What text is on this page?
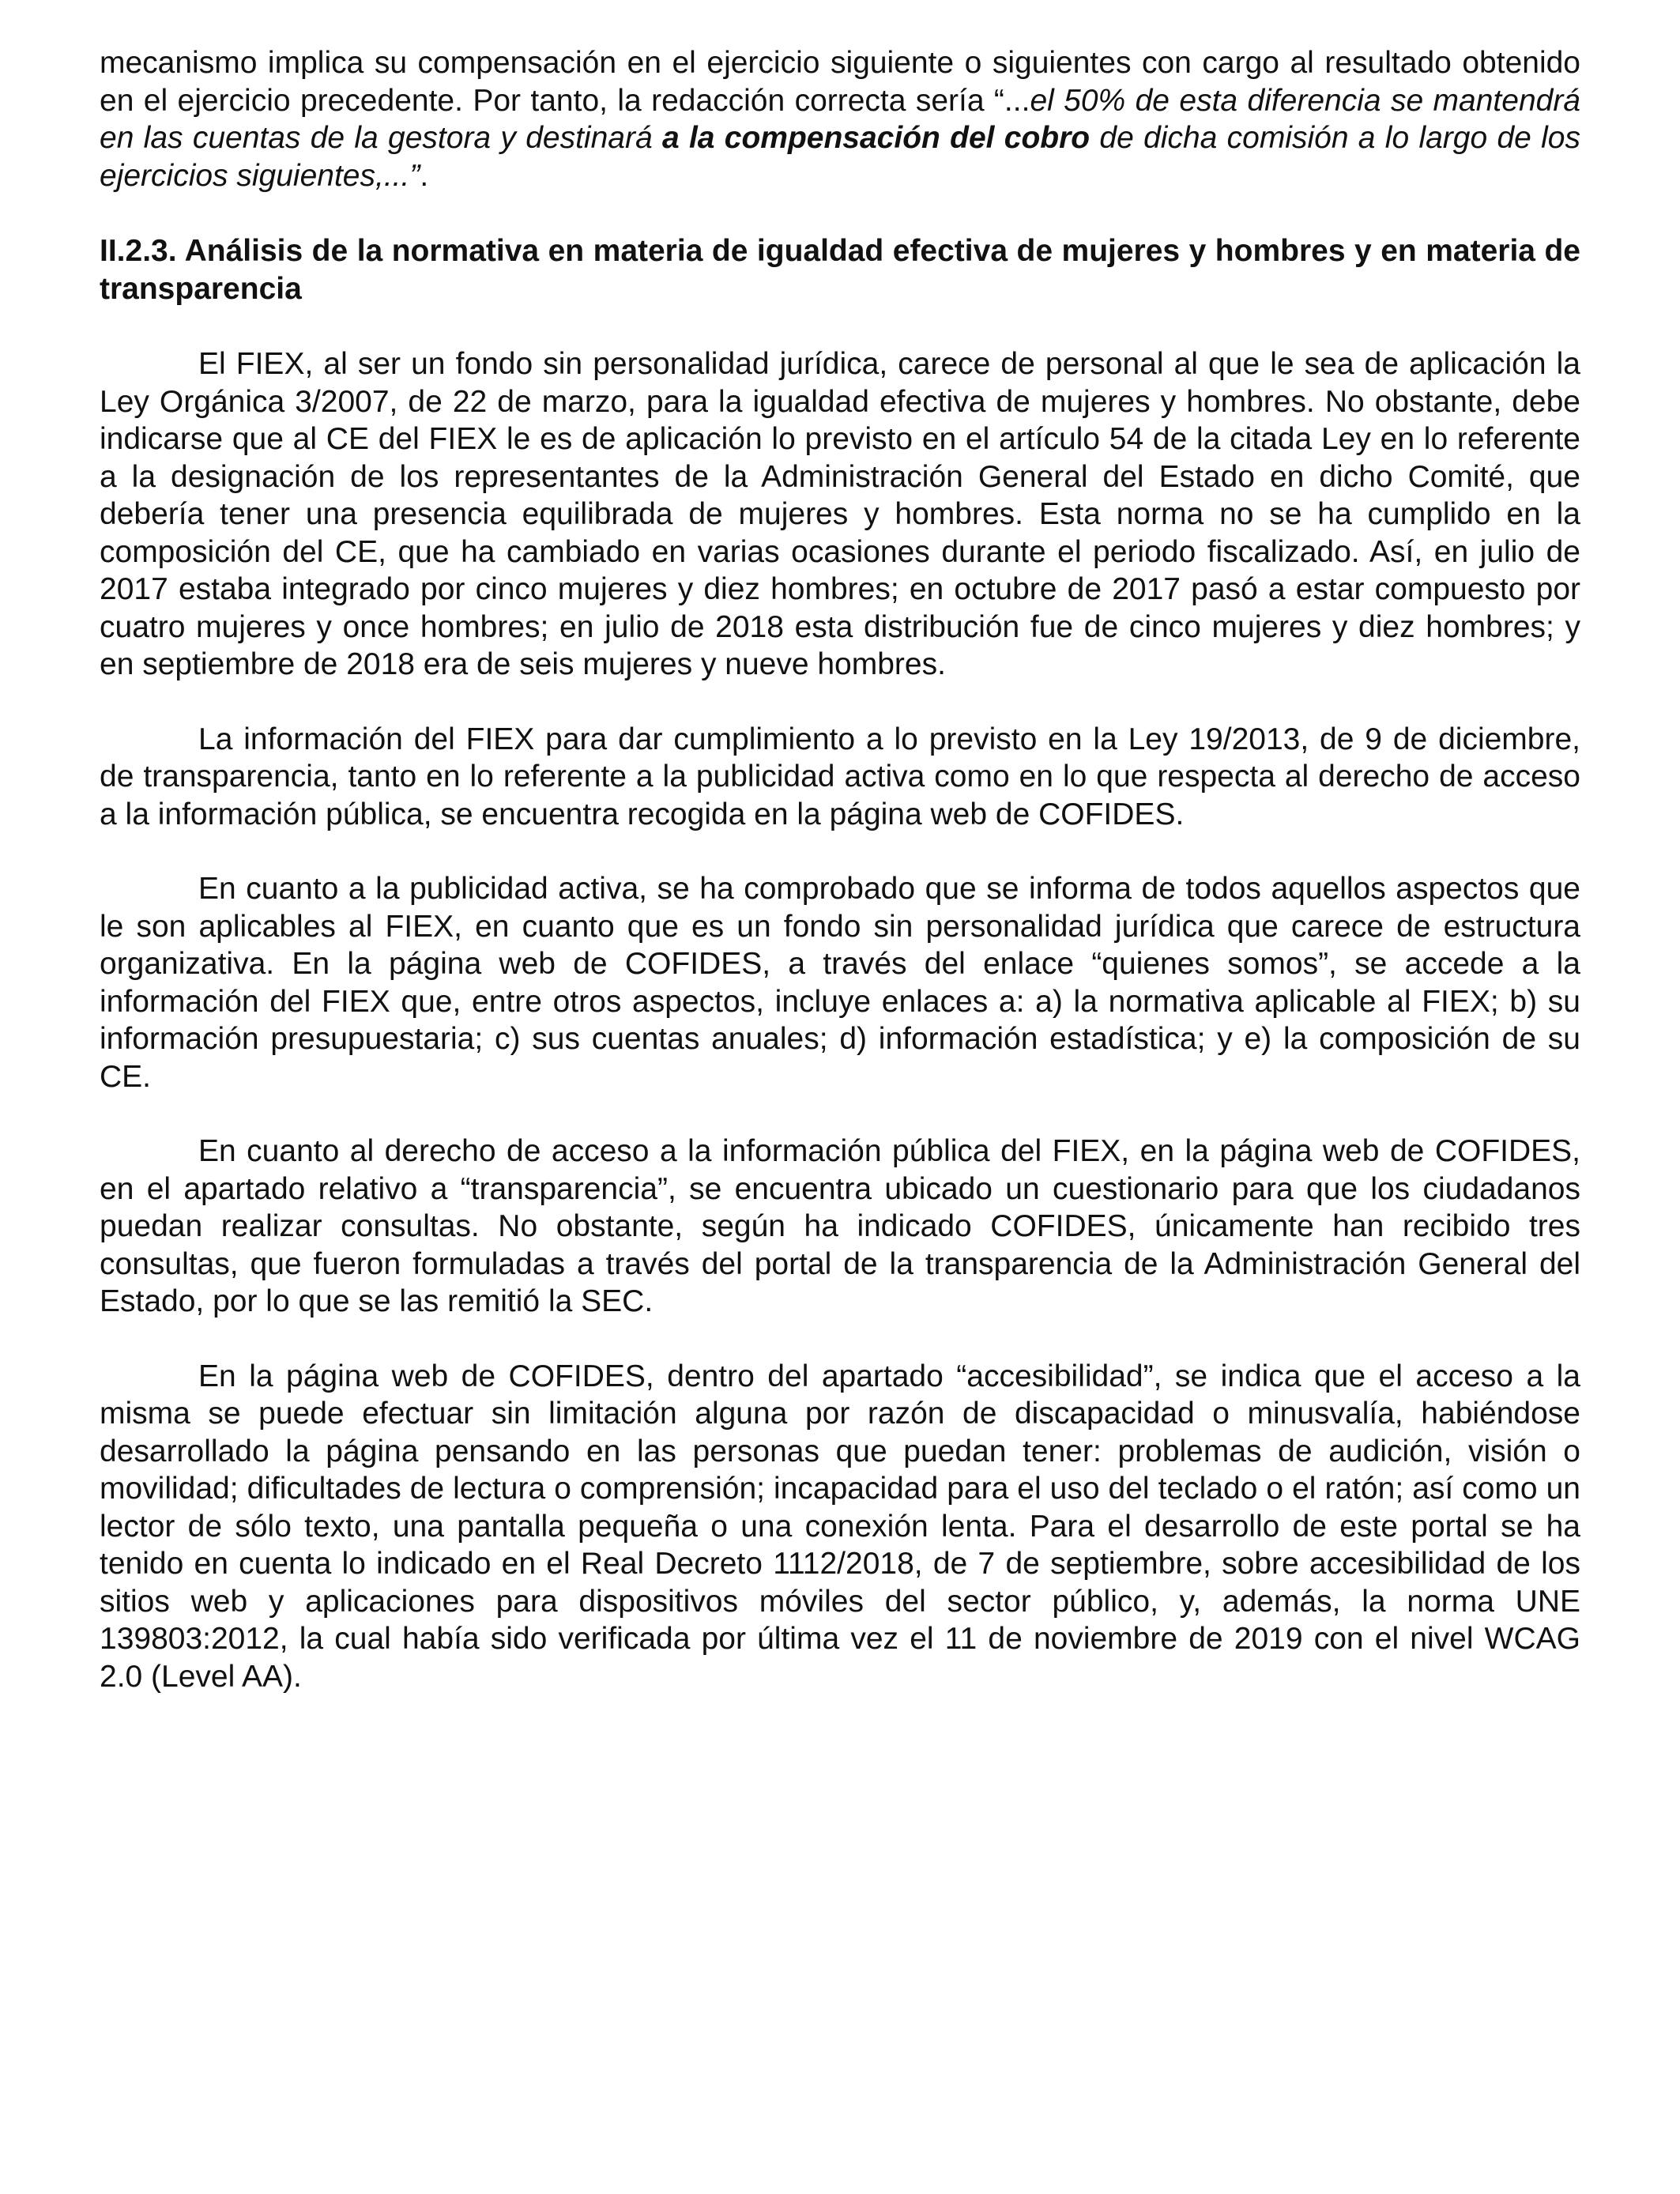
mecanismo implica su compensación en el ejercicio siguiente o siguientes con cargo al resultado obtenido en el ejercicio precedente. Por tanto, la redacción correcta sería “...el 50% de esta diferencia se mantendrá en las cuentas de la gestora y destinará a la compensación del cobro de dicha comisión a lo largo de los ejercicios siguientes,...”.

II.2.3. Análisis de la normativa en materia de igualdad efectiva de mujeres y hombres y en materia de transparencia

El FIEX, al ser un fondo sin personalidad jurídica, carece de personal al que le sea de aplicación la Ley Orgánica 3/2007, de 22 de marzo, para la igualdad efectiva de mujeres y hombres. No obstante, debe indicarse que al CE del FIEX le es de aplicación lo previsto en el artículo 54 de la citada Ley en lo referente a la designación de los representantes de la Administración General del Estado en dicho Comité, que debería tener una presencia equilibrada de mujeres y hombres. Esta norma no se ha cumplido en la composición del CE, que ha cambiado en varias ocasiones durante el periodo fiscalizado. Así, en julio de 2017 estaba integrado por cinco mujeres y diez hombres; en octubre de 2017 pasó a estar compuesto por cuatro mujeres y once hombres; en julio de 2018 esta distribución fue de cinco mujeres y diez hombres; y en septiembre de 2018 era de seis mujeres y nueve hombres.

La información del FIEX para dar cumplimiento a lo previsto en la Ley 19/2013, de 9 de diciembre, de transparencia, tanto en lo referente a la publicidad activa como en lo que respecta al derecho de acceso a la información pública, se encuentra recogida en la página web de COFIDES.

En cuanto a la publicidad activa, se ha comprobado que se informa de todos aquellos aspectos que le son aplicables al FIEX, en cuanto que es un fondo sin personalidad jurídica que carece de estructura organizativa. En la página web de COFIDES, a través del enlace “quienes somos”, se accede a la información del FIEX que, entre otros aspectos, incluye enlaces a: a) la normativa aplicable al FIEX; b) su información presupuestaria; c) sus cuentas anuales; d) información estadística; y e) la composición de su CE.

En cuanto al derecho de acceso a la información pública del FIEX, en la página web de COFIDES, en el apartado relativo a “transparencia”, se encuentra ubicado un cuestionario para que los ciudadanos puedan realizar consultas. No obstante, según ha indicado COFIDES, únicamente han recibido tres consultas, que fueron formuladas a través del portal de la transparencia de la Administración General del Estado, por lo que se las remitió la SEC.

En la página web de COFIDES, dentro del apartado “accesibilidad”, se indica que el acceso a la misma se puede efectuar sin limitación alguna por razón de discapacidad o minusvalía, habiéndose desarrollado la página pensando en las personas que puedan tener: problemas de audición, visión o movilidad; dificultades de lectura o comprensión; incapacidad para el uso del teclado o el ratón; así como un lector de sólo texto, una pantalla pequeña o una conexión lenta. Para el desarrollo de este portal se ha tenido en cuenta lo indicado en el Real Decreto 1112/2018, de 7 de septiembre, sobre accesibilidad de los sitios web y aplicaciones para dispositivos móviles del sector público, y, además, la norma UNE 139803:2012, la cual había sido verificada por última vez el 11 de noviembre de 2019 con el nivel WCAG 2.0 (Level AA).
